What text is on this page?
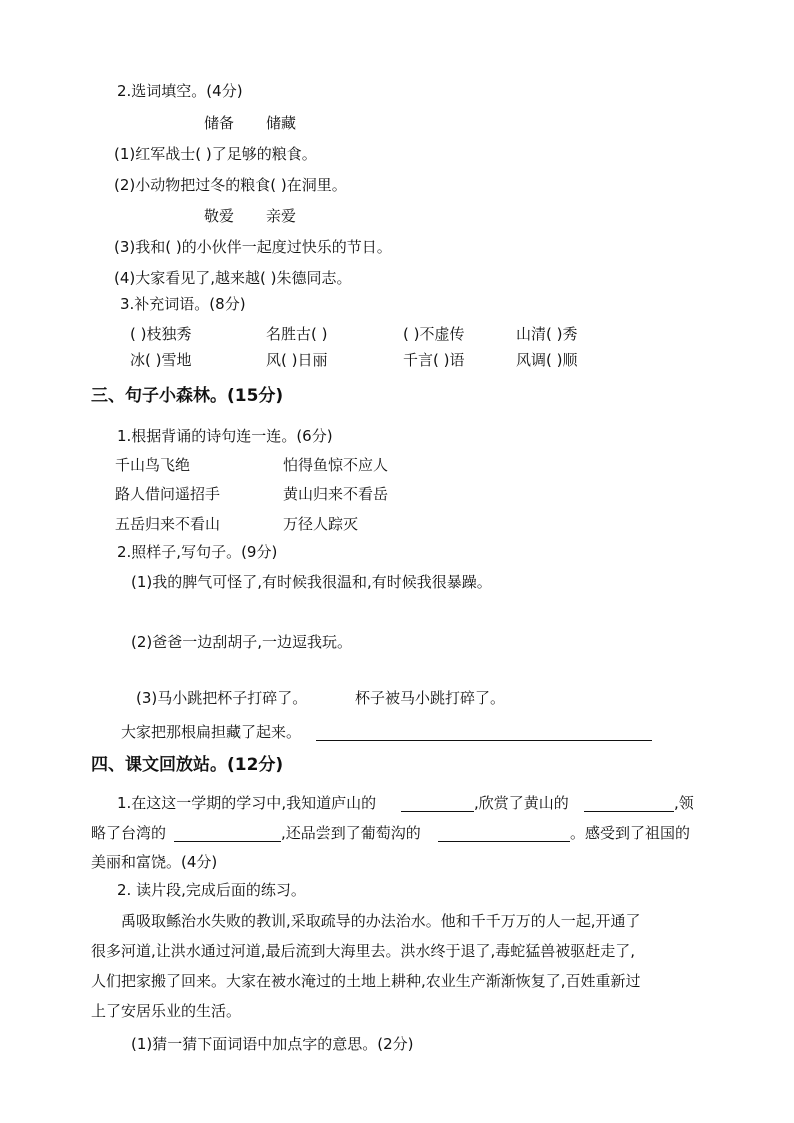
2.选词填空。(4分)
储备 储藏
(1)红军战士( )了足够的粮食。
(2)小动物把过冬的粮食( )在洞里。
敬爱 亲爱
(3)我和( )的小伙伴一起度过快乐的节日。
(4)大家看见了,越来越( )朱德同志。
3.补充词语。(8分)
( )枝独秀	名胜古( )	( )不虚传	山清( )秀
冰( )雪地	风( )日丽	千言( )语	风调( )顺
三、句子小森林。(15分)
1.根据背诵的诗句连一连。(6分)
千山鸟飞绝	怕得鱼惊不应人
路人借问遥招手	黄山归来不看岳
五岳归来不看山	万径人踪灭
2.照样子,写句子。(9分)
(1)我的脾气可怪了,有时候我很温和,有时候我很暴躁。
(2)爸爸一边刮胡子,一边逗我玩。
(3)马小跳把杯子打碎了。	杯子被马小跳打碎了。
大家把那根扁担藏了起来。
四、课文回放站。(12分)
1.在这这一学期的学习中,我知道庐山的	,欣赏了黄山的	,领
略了台湾的	,还品尝到了葡萄沟的	。感受到了祖国的
美丽和富饶。(4分)
2. 读片段,完成后面的练习。
禹吸取鲧治水失败的教训,采取疏导的办法治水。他和千千万万的人一起,开通了
很多河道,让洪水通过河道,最后流到大海里去。洪水终于退了,毒蛇猛兽被驱赶走了,
人们把家搬了回来。大家在被水淹过的土地上耕种,农业生产渐渐恢复了,百姓重新过
上了安居乐业的生活。
(1)猜一猜下面词语中加点字的意思。(2分)
